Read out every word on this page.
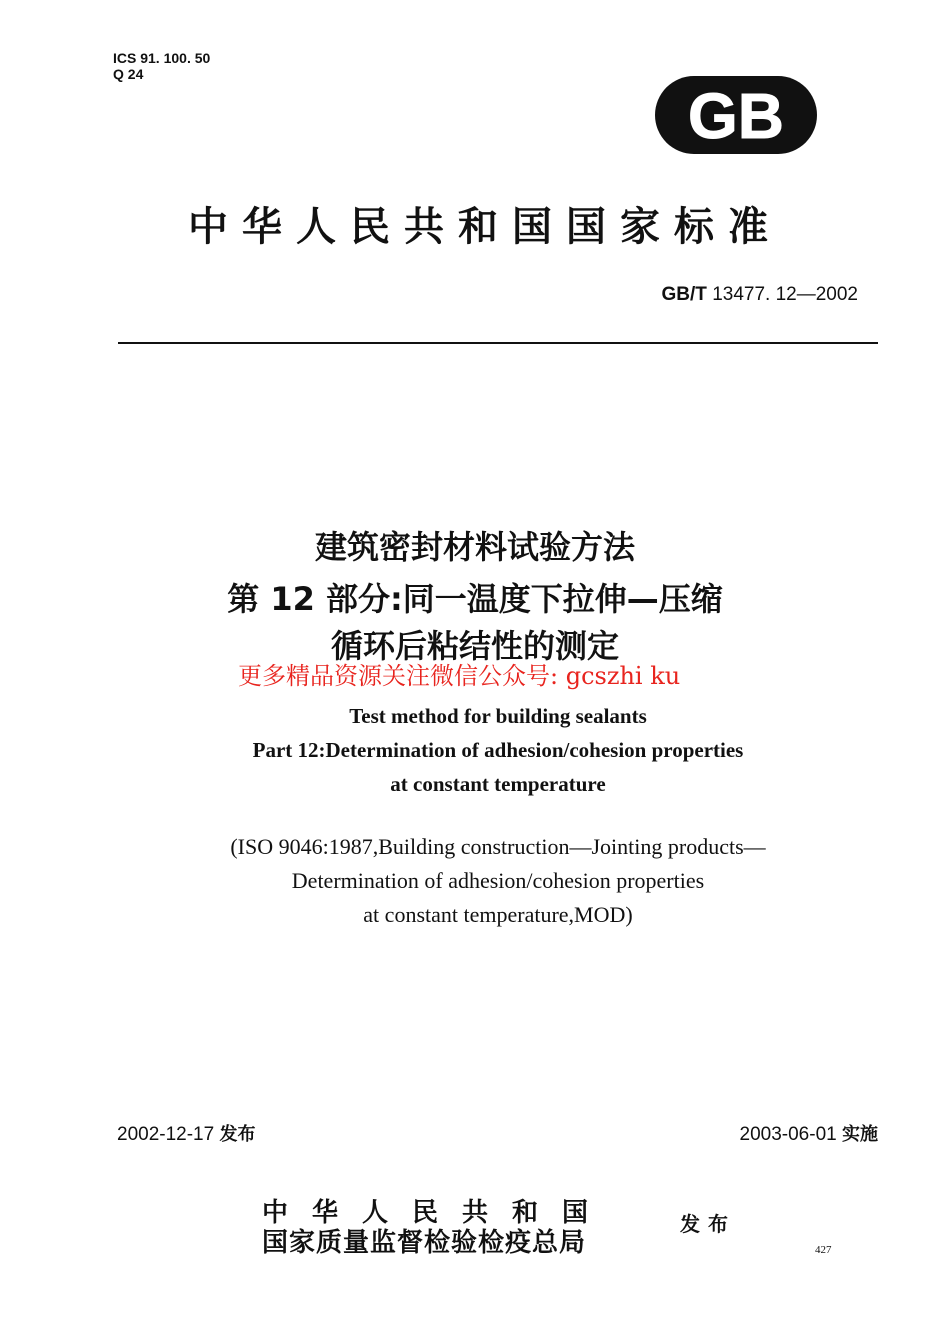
ICS 91. 100. 50
Q 24
GB
中华人民共和国国家标准
GB/T 13477. 12—2002
建筑密封材料试验方法
第 12 部分:同一温度下拉伸—压缩
循环后粘结性的测定
更多精品资源关注微信公众号: gcszhi ku
Test method for building sealants
Part 12:Determination of adhesion/cohesion properties
at constant temperature
(ISO 9046:1987,Building construction—Jointing products—
Determination of adhesion/cohesion properties
at constant temperature,MOD)
2002-12-17 发布	2003-06-01 实施
中华人民共和国
国家质量监督检验检疫总局
发布
427
